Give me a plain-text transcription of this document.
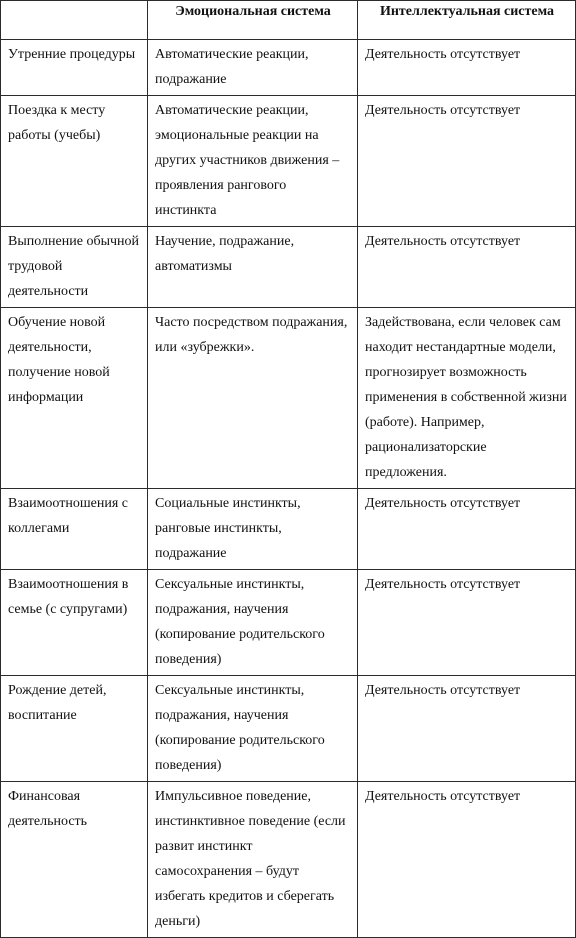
	Эмоциональная система	Интеллектуальная система
Утренние процедуры	Автоматические реакции, подражание	Деятельность отсутствует
Поездка к месту работы (учебы)	Автоматические реакции, эмоциональные реакции на других участников движения – проявления рангового инстинкта	Деятельность отсутствует
Выполнение обычной трудовой деятельности	Научение, подражание, автоматизмы	Деятельность отсутствует
Обучение новой деятельности, получение новой информации	Часто посредством подражания, или «зубрежки».	Задействована, если человек сам находит нестандартные модели, прогнозирует возможность применения в собственной жизни (работе). Например, рационализаторские предложения.
Взаимоотношения с коллегами	Социальные инстинкты, ранговые инстинкты, подражание	Деятельность отсутствует
Взаимоотношения в семье (с супругами)	Сексуальные инстинкты, подражания, научения (копирование родительского поведения)	Деятельность отсутствует
Рождение детей, воспитание	Сексуальные инстинкты, подражания, научения (копирование родительского поведения)	Деятельность отсутствует
Финансовая деятельность	Импульсивное поведение, инстинктивное поведение (если развит инстинкт самосохранения – будут избегать кредитов и сберегать деньги)	Деятельность отсутствует
